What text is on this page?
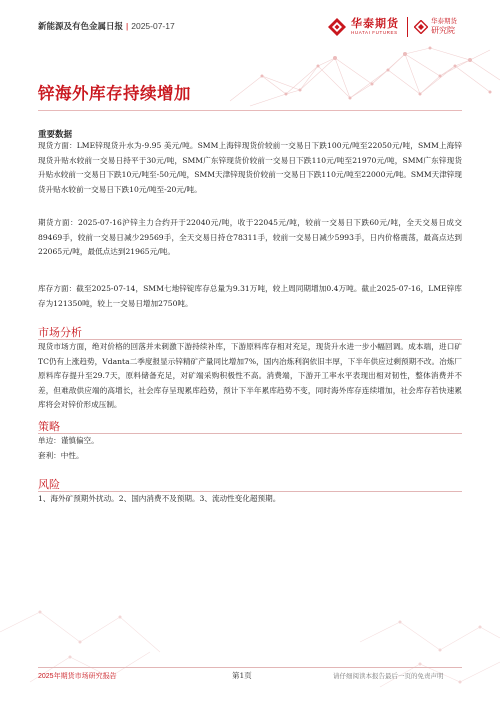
新能源及有色金属日报 | 2025-07-17	华泰期货
HUATAI FUTURES
华泰期货
研究院
锌海外库存持续增加
重要数据
现货方面：LME锌现货升水为-9.95 美元/吨。SMM上海锌现货价较前一交易日下跌100元/吨至22050元/吨，SMM上海锌现货升贴水较前一交易日持平于30元/吨，SMM广东锌现货价较前一交易日下跌110元/吨至21970元/吨，SMM广东锌现货升贴水较前一交易日下跌10元/吨至-50元/吨，SMM天津锌现货价较前一交易日下跌110元/吨至22000元/吨。SMM天津锌现货升贴水较前一交易日下跌10元/吨至-20元/吨。
期货方面：2025-07-16沪锌主力合约开于22040元/吨，收于22045元/吨，较前一交易日下跌60元/吨，全天交易日成交89469手，较前一交易日减少29569手，全天交易日持仓78311手，较前一交易日减少5993手，日内价格震荡，最高点达到22065元/吨，最低点达到21965元/吨。
库存方面：截至2025-07-14，SMM七地锌锭库存总量为9.31万吨，较上周同期增加0.4万吨。截止2025-07-16，LME锌库存为121350吨，较上一交易日增加2750吨。
市场分析
现货市场方面，绝对价格的回落并未刺激下游持续补库，下游原料库存相对充足，现货升水进一步小幅回调。成本端，进口矿TC仍有上涨趋势，Vdanta二季度报显示锌精矿产量同比增加7%，国内冶炼利润依旧丰厚，下半年供应过剩预期不改。冶炼厂原料库存提升至29.7天，原料储备充足，对矿端采购积极性不高。消费端，下游开工率水平表现出相对韧性，整体消费并不差，但难敌供应端的高增长，社会库存呈现累库趋势，预计下半年累库趋势不变，同时海外库存连续增加，社会库存若快速累库将会对锌价形成压制。
策略
单边：谨慎偏空。
套利：中性。
风险
1、海外矿预期外扰动。2、国内消费不及预期。3、流动性变化超预期。
2025年期货市场研究报告	第1页	请仔细阅读本报告最后一页的免责声明
